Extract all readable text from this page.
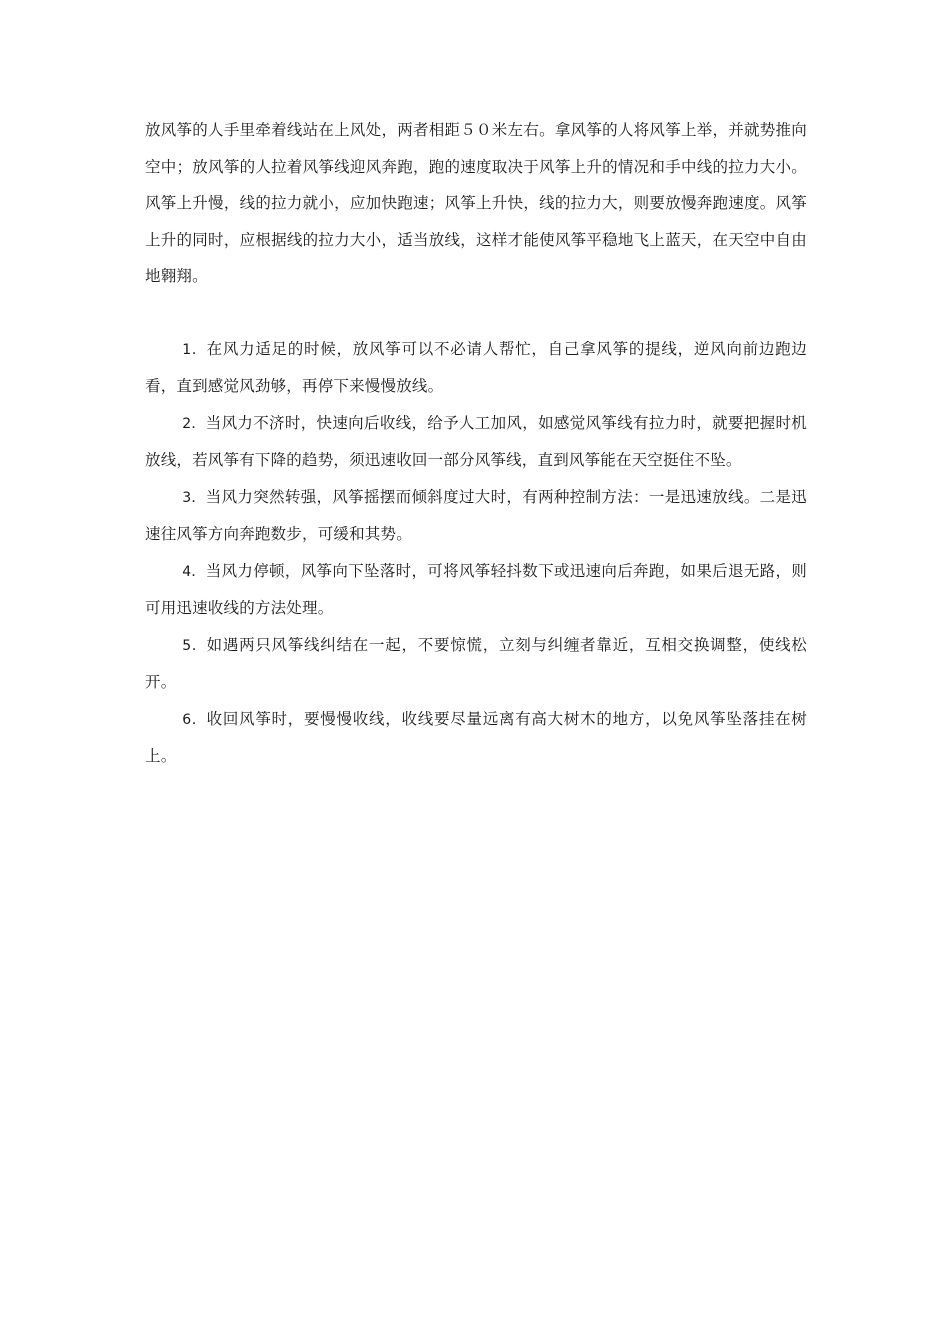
放风筝的人手里牵着线站在上风处，两者相距５０米左右。拿风筝的人将风筝上举，并就势推向空中；放风筝的人拉着风筝线迎风奔跑，跑的速度取决于风筝上升的情况和手中线的拉力大小。风筝上升慢，线的拉力就小，应加快跑速；风筝上升快，线的拉力大，则要放慢奔跑速度。风筝上升的同时，应根据线的拉力大小，适当放线，这样才能使风筝平稳地飞上蓝天，在天空中自由地翱翔。

1．在风力适足的时候，放风筝可以不必请人帮忙，自己拿风筝的提线，逆风向前边跑边看，直到感觉风劲够，再停下来慢慢放线。

2．当风力不济时，快速向后收线，给予人工加风，如感觉风筝线有拉力时，就要把握时机放线，若风筝有下降的趋势，须迅速收回一部分风筝线，直到风筝能在天空挺住不坠。

3．当风力突然转强，风筝摇摆而倾斜度过大时，有两种控制方法：一是迅速放线。二是迅速往风筝方向奔跑数步，可缓和其势。

4．当风力停顿，风筝向下坠落时，可将风筝轻抖数下或迅速向后奔跑，如果后退无路，则可用迅速收线的方法处理。

5．如遇两只风筝线纠结在一起，不要惊慌，立刻与纠缠者靠近，互相交换调整，使线松开。

6．收回风筝时，要慢慢收线，收线要尽量远离有高大树木的地方，以免风筝坠落挂在树上。
